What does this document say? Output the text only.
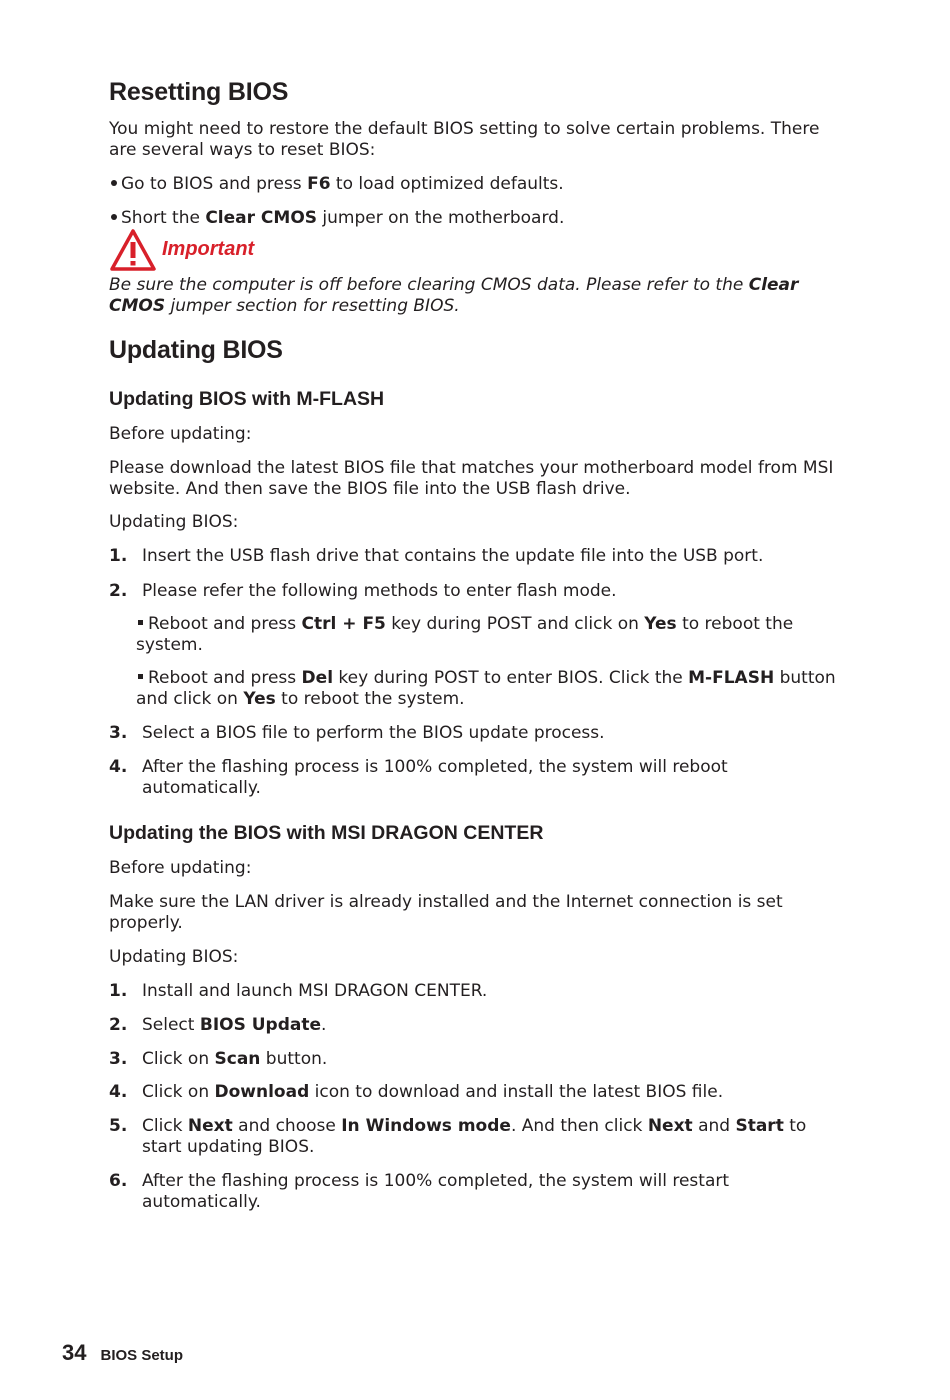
Resetting BIOS

You might need to restore the default BIOS setting to solve certain problems. There are several ways to reset BIOS:

Go to BIOS and press F6 to load optimized defaults.
Short the Clear CMOS jumper on the motherboard.
Important
Be sure the computer is off before clearing CMOS data. Please refer to the Clear CMOS jumper section for resetting BIOS.
Updating BIOS
Updating BIOS with M-FLASH

Before updating:

Please download the latest BIOS file that matches your motherboard model from MSI website. And then save the BIOS file into the USB flash drive.

Updating BIOS:

1. Insert the USB flash drive that contains the update file into the USB port.
2. Please refer the following methods to enter flash mode.
Reboot and press Ctrl + F5 key during POST and click on Yes to reboot the system.
Reboot and press Del key during POST to enter BIOS. Click the M-FLASH button and click on Yes to reboot the system.
3. Select a BIOS file to perform the BIOS update process.
4. After the flashing process is 100% completed, the system will reboot automatically.
Updating the BIOS with MSI DRAGON CENTER

Before updating:

Make sure the LAN driver is already installed and the Internet connection is set properly.

Updating BIOS:

1. Install and launch MSI DRAGON CENTER.
2. Select BIOS Update.
3. Click on Scan button.
4. Click on Download icon to download and install the latest BIOS file.
5. Click Next and choose In Windows mode. And then click Next and Start to start updating BIOS.
6. After the flashing process is 100% completed, the system will restart automatically.
34 BIOS Setup
